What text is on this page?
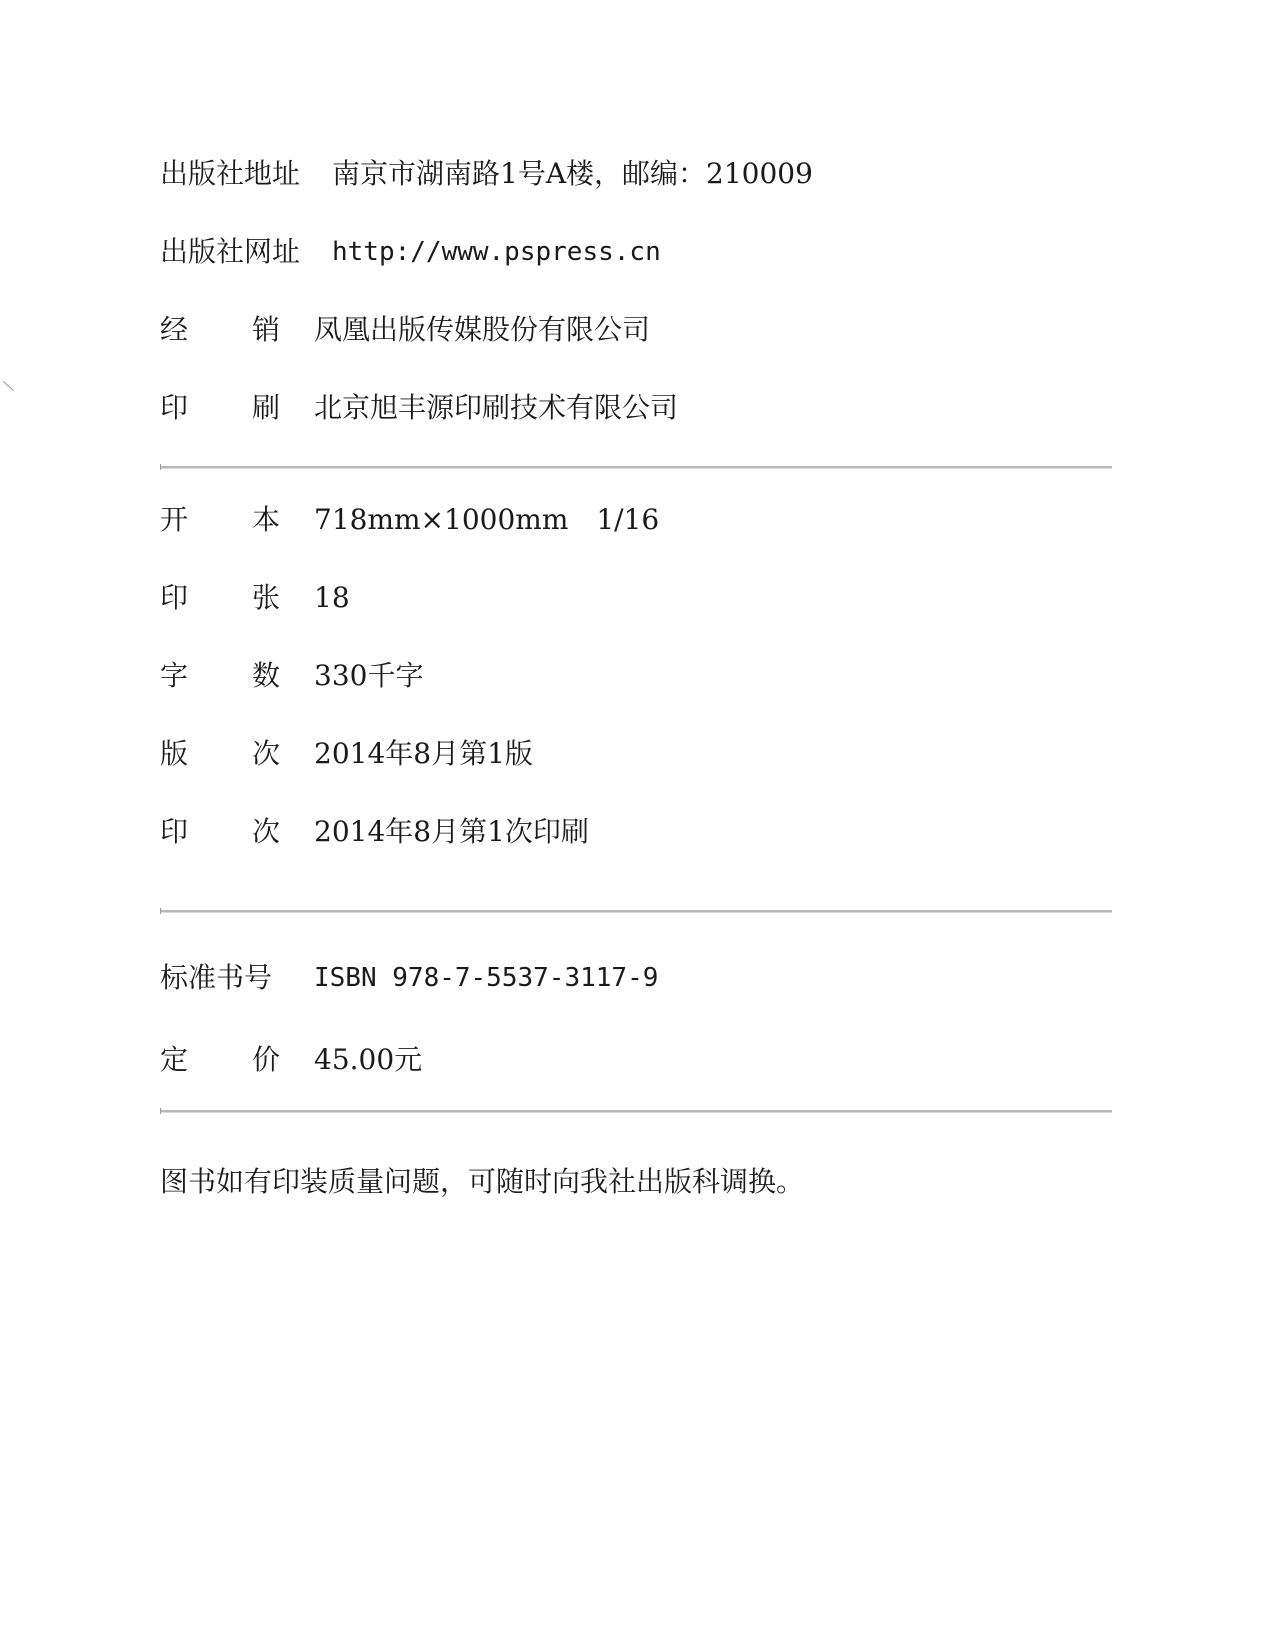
出版社地址 南京市湖南路1号A楼，邮编：210009
出版社网址 http://www.pspress.cn
经 销 凤凰出版传媒股份有限公司
印 刷 北京旭丰源印刷技术有限公司
开 本 718mm×1000mm　1/16
印 张 18
字 数 330千字
版 次 2014年8月第1版
印 次 2014年8月第1次印刷
标准书号 ISBN 978-7-5537-3117-9
定 价 45.00元
图书如有印装质量问题，可随时向我社出版科调换。
